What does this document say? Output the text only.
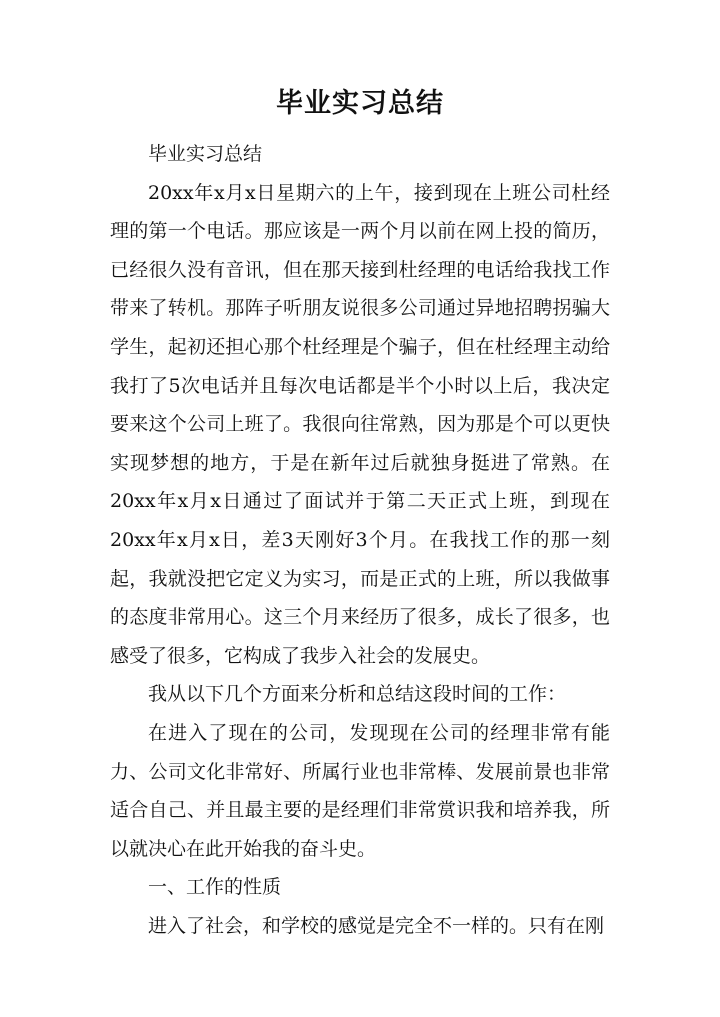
毕业实习总结

毕业实习总结

20xx年x月x日星期六的上午，接到现在上班公司杜经理的第一个电话。那应该是一两个月以前在网上投的简历，已经很久没有音讯，但在那天接到杜经理的电话给我找工作带来了转机。那阵子听朋友说很多公司通过异地招聘拐骗大学生，起初还担心那个杜经理是个骗子，但在杜经理主动给我打了5次电话并且每次电话都是半个小时以上后，我决定要来这个公司上班了。我很向往常熟，因为那是个可以更快实现梦想的地方，于是在新年过后就独身挺进了常熟。在20xx年x月x日通过了面试并于第二天正式上班，到现在20xx年x月x日，差3天刚好3个月。在我找工作的那一刻起，我就没把它定义为实习，而是正式的上班，所以我做事的态度非常用心。这三个月来经历了很多，成长了很多，也感受了很多，它构成了我步入社会的发展史。

我从以下几个方面来分析和总结这段时间的工作：

在进入了现在的公司，发现现在公司的经理非常有能力、公司文化非常好、所属行业也非常棒、发展前景也非常适合自己、并且最主要的是经理们非常赏识我和培养我，所以就决心在此开始我的奋斗史。

一、工作的性质

进入了社会，和学校的感觉是完全不一样的。只有在刚
